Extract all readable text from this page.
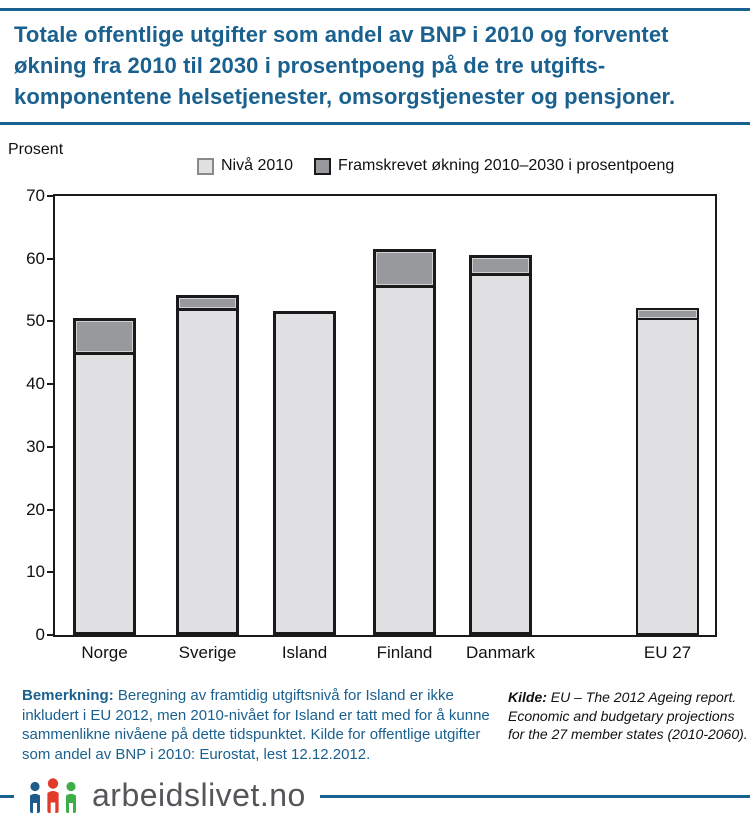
Totale offentlige utgifter som andel av BNP i 2010 og forventet
økning fra 2010 til 2030 i prosentpoeng på de tre utgifts-
komponentene helsetjenester, omsorgstjenester og pensjoner.
Prosent
Nivå 2010	Framskrevet økning 2010–2030 i prosentpoeng
0
10
20
30
40
50
60
70
Norge	Sverige	Island	Finland	Danmark	EU 27
Bemerkning: Beregning av framtidig utgiftsnivå for Island er ikke inkludert i EU 2012, men 2010-nivået for Island er tatt med for å kunne sammenlikne nivåene på dette tidspunktet. Kilde for offentlige utgifter som andel av BNP i 2010: Eurostat, lest 12.12.2012.
Kilde: EU – The 2012 Ageing report. Economic and budgetary projections for the 27 member states (2010-2060).
arbeidslivet.no
